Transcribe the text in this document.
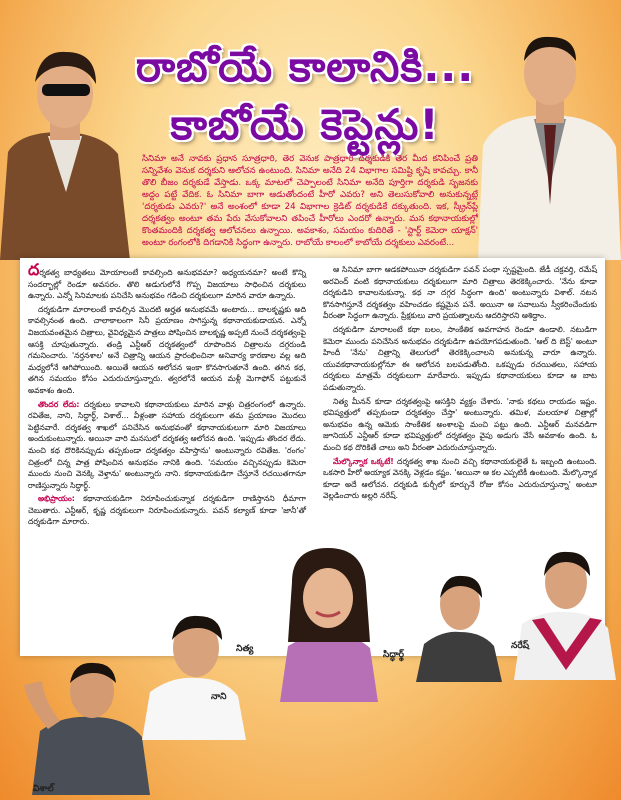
రాబోయే కాలానికి...
కాబోయే కెప్టెన్లు!
సినిమా అనే నావకు ప్రధాన సూత్రధారి, తెర వెనుక పాత్రధారి దర్శకుడికి తెర మీద కనిపించే ప్రతి సన్నివేశం వెనుక దర్శకుని ఆలోచన ఉంటుంది. సినిమా అనేది 24 విభాగాల సమిష్టి కృషి కావచ్చు. కానీ తొలి బీజం దర్శకుడే వేస్తాడు. ఒక్క మాటలో చెప్పాలంటే సినిమా అనేది పూర్తిగా దర్శకుడి సృజనకు అద్దం పట్టే వేదిక. ఓ సినిమా బాగా ఆడుతోందంటే హీరో ఎవరు? అని తెలుసుకోవాలి అనుకున్నట్లే 'దర్శకుడు ఎవరు?' అనే అంశంలో కూడా 24 విభాగాల క్రెడిట్ దర్శకుడికే దక్కుతుంది. ఇక, స్క్రీన్‌ప్లే దర్శకత్వం అంటూ తమ పేరు వేసుకోవాలని తపించే హీరోలు ఎందరో ఉన్నారు. మన కథానాయకుల్లో కొంతమందికి దర్శకత్వ ఆలోచనలు ఉన్నాయి. అవకాశం, సమయం కుదిరితే - 'స్టార్ట్ కెమెరా యాక్షన్' అంటూ రంగంలోకి దిగడానికి సిద్ధంగా ఉన్నారు. రాబోయే కాలంలో కాబోయే దర్శకులు ఎవరంటే...

దర్శకత్వ బాధ్యతలు మోయాలంటే కావల్సింది అనుభవమా? అధ్యయనమా? అంటే కొన్ని సందర్భాల్లో రెండూ అవసరం. తొలి అడుగులోనే గొప్ప విజయాలు సాధించిన దర్శకులు ఉన్నారు. ఎన్నో సినిమాలకు పనిచేసి అనుభవం గడించి దర్శకులుగా మారిన వారూ ఉన్నారు.

దర్శకుడిగా మారాలంటే కావల్సిన మొదటి అర్హత అనుభవమే అంటారు... బాలకృష్ణకు అది కావల్సినంత ఉంది. చాలాకాలంగా సినీ ప్రయాణం సాగిస్తున్న కథానాయకుడాయన. ఎన్నో విజయవంతమైన చిత్రాలు, వైవిధ్యమైన పాత్రలు పోషించిన బాలకృష్ణ అప్పటి నుంచే దర్శకత్వంపై ఆసక్తి చూపుతున్నారు. తండ్రి ఎన్టీఆర్ దర్శకత్వంలో రూపొందిన చిత్రాలను దగ్గరుండి గమనించారు. 'నర్తనశాల' అనే చిత్రాన్ని ఆయన ప్రారంభించినా అనివార్య కారణాల వల్ల అది మధ్యలోనే ఆగిపోయింది. అయితే ఆయన ఆలోచన ఇంకా కొనసాగుతూనే ఉంది. తగిన కథ, తగిన సమయం కోసం ఎదురుచూస్తున్నారు. త్వరలోనే ఆయన మళ్లీ మెగాఫోన్ పట్టుకునే అవకాశం ఉంది.

తొందర లేదు: దర్శకులు కావాలని కథానాయకులు మారిన వాళ్లు చిత్రరంగంలో ఉన్నారు. రవితేజ, నాని, సిద్ధార్థ్, విశాల్... వీళ్లంతా సహాయ దర్శకులుగా తమ ప్రయాణం మొదలు పెట్టినవారే. దర్శకత్వ శాఖలో పనిచేసిన అనుభవంతో కథానాయకులుగా మారి విజయాలు అందుకుంటున్నారు. అయినా వారి మనసులో దర్శకత్వ ఆలోచన ఉంది. 'ఇప్పుడు తొందర లేదు. మంచి కథ దొరికినప్పుడు తప్పకుండా దర్శకత్వం వహిస్తాను' అంటున్నారు రవితేజ. 'రంగం' చిత్రంలో చిన్న పాత్ర పోషించిన అనుభవం నానికి ఉంది. 'సమయం వచ్చినప్పుడు కెమెరా ముందు నుంచి వెనక్కి వెళ్తాను' అంటున్నారు నాని. కథానాయకుడిగా చేస్తూనే రచయితగానూ రాణిస్తున్నారు సిద్ధార్థ్.

అభిప్రాయం: కథానాయకుడిగా నిరూపించుకున్నాక దర్శకుడిగా రాణిస్తానని ధీమాగా చెబుతారు. ఎన్టీఆర్, కృష్ణ దర్శకులుగా నిరూపించుకున్నారు. పవన్ కల్యాణ్ కూడా 'జానీ'తో దర్శకుడిగా మారారు.

ఆ సినిమా బాగా ఆడకపోయినా దర్శకుడిగా పవన్ పంథా స్పష్టమైంది. జేడీ చక్రవర్తి, రమేష్ అరవింద్ వంటి కథానాయకులు దర్శకులుగా మారి చిత్రాలు తెరకెక్కించారు. 'నేను కూడా దర్శకుడిని కావాలనుకున్నా. కథ నా దగ్గర సిద్ధంగా ఉంది' అంటున్నారు విశాల్. నటన కొనసాగిస్తూనే దర్శకత్వం వహించడం కష్టమైన పనే. అయినా ఆ సవాలును స్వీకరించేందుకు వీరంతా సిద్ధంగా ఉన్నారు. ప్రేక్షకులు వారి ప్రయత్నాలను ఆదరిస్తారని ఆశిద్దాం.

దర్శకుడిగా మారాలంటే కథా బలం, సాంకేతిక అవగాహన రెండూ ఉండాలి. నటుడిగా కెమెరా ముందు పనిచేసిన అనుభవం దర్శకుడిగా ఉపయోగపడుతుంది. 'ఆల్ ది బెస్ట్' అంటూ హిందీ 'నేను' చిత్రాన్ని తెలుగులో తెరకెక్కించాలని అనుకున్న వారూ ఉన్నారు. యువకథానాయకుల్లోనూ ఈ ఆలోచన బలపడుతోంది. ఒకప్పుడు రచయితలు, సహాయ దర్శకులు మాత్రమే దర్శకులుగా మారేవారు. ఇప్పుడు కథానాయకులు కూడా ఆ బాట పడుతున్నారు.

నిత్య మీనన్ కూడా దర్శకత్వంపై ఆసక్తిని వ్యక్తం చేశారు. 'నాకు కథలు రాయడం ఇష్టం. భవిష్యత్తులో తప్పకుండా దర్శకత్వం చేస్తా' అంటున్నారు. తమిళ, మలయాళ చిత్రాల్లో అనుభవం ఉన్న ఆమెకు సాంకేతిక అంశాలపై మంచి పట్టు ఉంది. ఎన్టీఆర్ మనవడిగా జూనియర్ ఎన్టీఆర్ కూడా భవిష్యత్తులో దర్శకత్వం వైపు అడుగు వేసే అవకాశం ఉంది. ఓ మంచి కథ దొరికితే చాలు అని వీరంతా ఎదురుచూస్తున్నారు.

మేల్కొన్నాక ఒక్కటే! దర్శకత్వ శాఖ నుంచి వచ్చి కథానాయకులైతే ఓ ఇబ్బంది ఉంటుంది. ఒకసారి హీరో అయ్యాక వెనక్కి వెళ్లడం కష్టం. 'అయినా ఆ కల ఎప్పటికీ ఉంటుంది. మేల్కొన్నాక కూడా అదే ఆలోచన. దర్శకుడి కుర్చీలో కూర్చునే రోజు కోసం ఎదురుచూస్తున్నా' అంటూ వెల్లడించారు అల్లరి నరేష్.

నిత్య
నాని
సిద్ధార్థ్
నరేష్
విశాల్
